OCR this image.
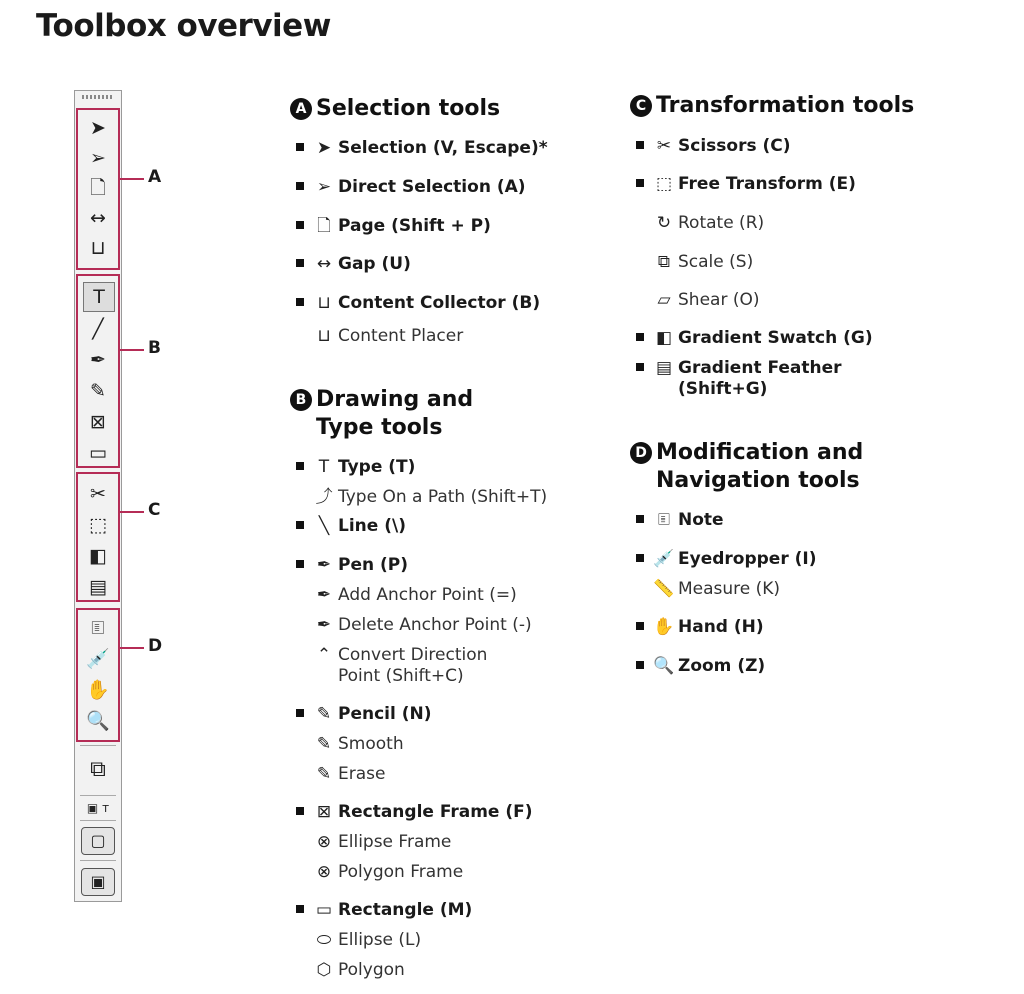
Toolbox overview
➤
➢
🗋
↔
⊔
T
╱
✒
✎
⊠
▭
✂
⬚
◧
▤
🗉
💉
✋
🔍
⧉
▣ т
▢
▣
A
B
C
D
A Selection tools
B Drawing and
Type tools
C Transformation tools
D Modification and
Navigation tools
➤ Selection (V, Escape)*
➢ Direct Selection (A)
🗋 Page (Shift + P)
↔ Gap (U)
⊔ Content Collector (B)
⊔ Content Placer
T Type (T)
⤴ Type On a Path (Shift+T)
╲ Line (\)
✒ Pen (P)
✒ Add Anchor Point (=)
✒ Delete Anchor Point (-)
⌃ Convert Direction
Point (Shift+C)
✎ Pencil (N)
✎ Smooth
✎ Erase
⊠ Rectangle Frame (F)
⊗ Ellipse Frame
⊗ Polygon Frame
▭ Rectangle (M)
⬭ Ellipse (L)
⬡ Polygon
✂ Scissors (C)
⬚ Free Transform (E)
↻ Rotate (R)
⧉ Scale (S)
▱ Shear (O)
◧ Gradient Swatch (G)
▤ Gradient Feather
(Shift+G)
🗉 Note
💉 Eyedropper (I)
📏 Measure (K)
✋ Hand (H)
🔍 Zoom (Z)
